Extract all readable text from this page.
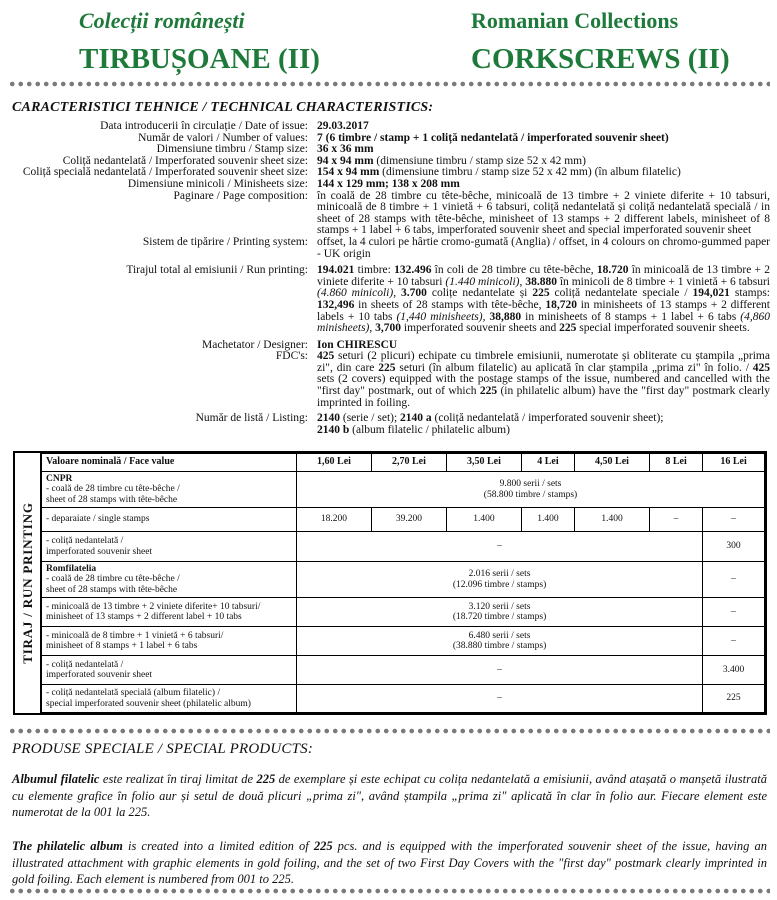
Colecții românești
TIRBUȘOANE (II)
Romanian Collections
CORKSCREWS (II)
CARACTERISTICI TEHNICE / TECHNICAL CHARACTERISTICS:
Data introducerii în circulație / Date of issue: 29.03.2017
Număr de valori / Number of values: 7 (6 timbre / stamp + 1 coliță nedantelată / imperforated souvenir sheet)
Dimensiune timbru / Stamp size: 36 x 36 mm
Coliță nedantelată / Imperforated souvenir sheet size: 94 x 94 mm (dimensiune timbru / stamp size 52 x 42 mm)
Coliță specială nedantelată / Imperforated souvenir sheet size: 154 x 94 mm (dimensiune timbru / stamp size 52 x 42 mm) (în album filatelic)
Dimensiune minicoli / Minisheets size: 144 x 129 mm; 138 x 208 mm
Paginare / Page composition: în coală de 28 timbre cu tête-bêche, minicoală de 13 timbre + 2 viniete diferite + 10 tabsuri, minicoală de 8 timbre + 1 vinietă + 6 tabsuri, coliță nedantelată și coliță nedantelată specială / in sheet of 28 stamps with tête-bêche, minisheet of 13 stamps + 2 different labels, minisheet of 8 stamps + 1 label + 6 tabs, imperforated souvenir sheet and special imperforated souvenir sheet
Sistem de tipărire / Printing system: offset, la 4 culori pe hârtie cromo-gumată (Anglia) / offset, in 4 colours on chromo-gummed paper - UK origin
Tirajul total al emisiunii / Run printing: 194.021 timbre: 132.496 în coli de 28 timbre cu tête-bêche, 18.720 în minicoală de 13 timbre + 2 viniete diferite + 10 tabsuri (1.440 minicoli), 38.880 în minicoli de 8 timbre + 1 vinietă + 6 tabsuri (4.860 minicoli), 3.700 colițe nedantelate și 225 coliță nedantelate speciale / 194,021 stamps: 132,496 in sheets of 28 stamps with tête-bêche, 18,720 in minisheets of 13 stamps + 2 different labels + 10 tabs (1,440 minisheets), 38,880 in minisheets of 8 stamps + 1 label + 6 tabs (4,860 minisheets), 3,700 imperforated souvenir sheets and 225 special imperforated souvenir sheets.
Machetator / Designer: Ion CHIRESCU
FDC's: 425 seturi (2 plicuri) echipate cu timbrele emisiunii, numerotate și obliterate cu ștampila „prima zi", din care 225 seturi (în album filatelic) au aplicată în clar ștampila „prima zi" în folio. / 425 sets (2 covers) equipped with the postage stamps of the issue, numbered and cancelled with the "first day" postmark, out of which 225 (in philatelic album) have the "first day" postmark clearly imprinted in foiling.
Număr de listă / Listing: 2140 (serie / set); 2140 a (coliță nedantelată / imperforated souvenir sheet);
2140 b (album filatelic / philatelic album)
TIRAJ / RUN PRINTING
Valoare nominală / Face value	1,60 Lei	2,70 Lei	3,50 Lei	4 Lei	4,50 Lei	8 Lei	16 Lei
CNPR
- coală de 28 timbre cu tête-bêche /
sheet of 28 stamps with tête-bêche	9.800 serii / sets
(58.800 timbre / stamps)						
- deparaiate / single stamps	18.200	39.200	1.400	1.400	1.400	–	–
- coliță nedantelată /
imperforated souvenir sheet	–						300
Romfilatelia
- coală de 28 timbre cu tête-bêche /
sheet of 28 stamps with tête-bêche	2.016 serii / sets
(12.096 timbre / stamps)						–
- minicoală de 13 timbre + 2 viniete diferite+ 10 tabsuri/
minisheet of 13 stamps + 2 different label + 10 tabs	3.120 serii / sets
(18.720 timbre / stamps)						–
- minicoală de 8 timbre + 1 vinietă + 6 tabsuri/
minisheet of 8 stamps + 1 label + 6 tabs	6.480 serii / sets
(38.880 timbre / stamps)						–
- coliță nedantelată /
imperforated souvenir sheet	–						3.400
- coliță nedantelată specială (album filatelic) /
special imperforated souvenir sheet (philatelic album)	–						225
PRODUSE SPECIALE / SPECIAL PRODUCTS:
Albumul filatelic este realizat în tiraj limitat de 225 de exemplare și este echipat cu colița nedantelată a emisiunii, având atașată o manșetă ilustrată cu elemente grafice în folio aur și setul de două plicuri „prima zi", având ștampila „prima zi" aplicată în clar în folio aur. Fiecare element este numerotat de la 001 la 225.
The philatelic album is created into a limited edition of 225 pcs. and is equipped with the imperforated souvenir sheet of the issue, having an illustrated attachment with graphic elements in gold foiling, and the set of two First Day Covers with the "first day" postmark clearly imprinted in gold foiling. Each element is numbered from 001 to 225.
